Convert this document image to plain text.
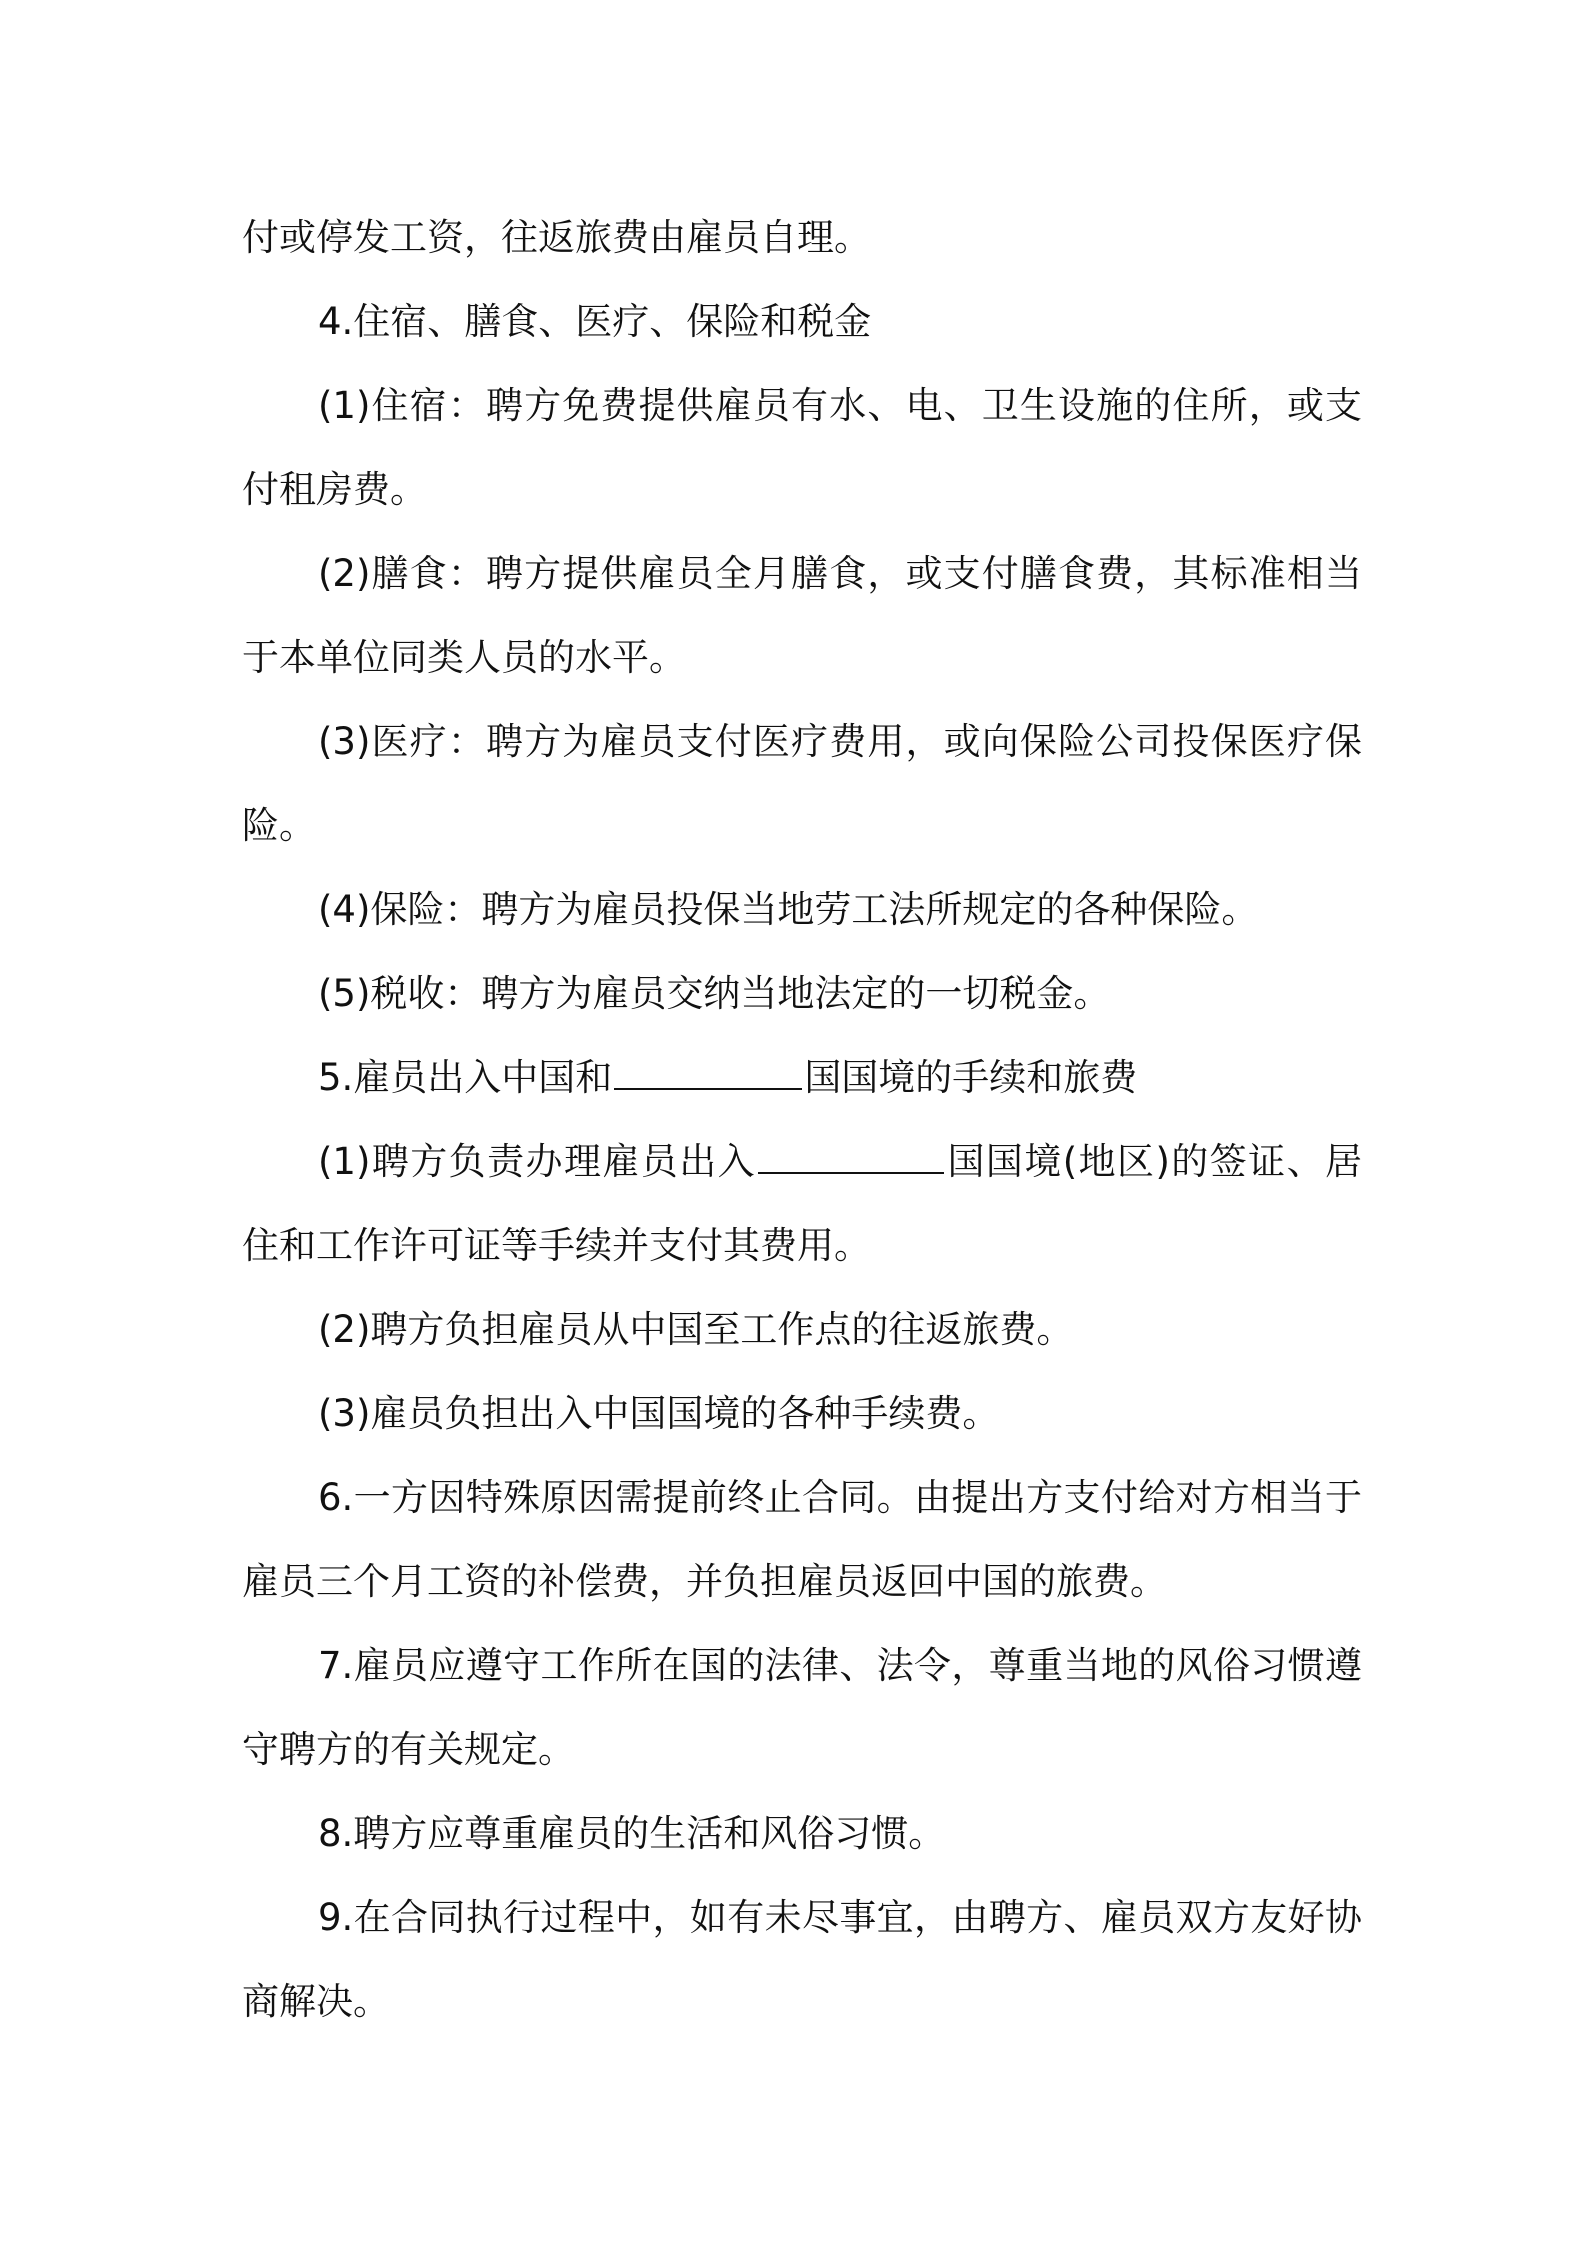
付或停发工资，往返旅费由雇员自理。

4.住宿、膳食、医疗、保险和税金

(1)住宿：聘方免费提供雇员有水、电、卫生设施的住所，或支付租房费。

(2)膳食：聘方提供雇员全月膳食，或支付膳食费，其标准相当于本单位同类人员的水平。

(3)医疗：聘方为雇员支付医疗费用，或向保险公司投保医疗保险。

(4)保险：聘方为雇员投保当地劳工法所规定的各种保险。

(5)税收：聘方为雇员交纳当地法定的一切税金。

5.雇员出入中国和	国国境的手续和旅费

(1)聘方负责办理雇员出入	国国境(地区)的签证、居住和工作许可证等手续并支付其费用。

(2)聘方负担雇员从中国至工作点的往返旅费。

(3)雇员负担出入中国国境的各种手续费。

6.一方因特殊原因需提前终止合同。由提出方支付给对方相当于雇员三个月工资的补偿费，并负担雇员返回中国的旅费。

7.雇员应遵守工作所在国的法律、法令，尊重当地的风俗习惯遵守聘方的有关规定。

8.聘方应尊重雇员的生活和风俗习惯。

9.在合同执行过程中，如有未尽事宜，由聘方、雇员双方友好协商解决。
